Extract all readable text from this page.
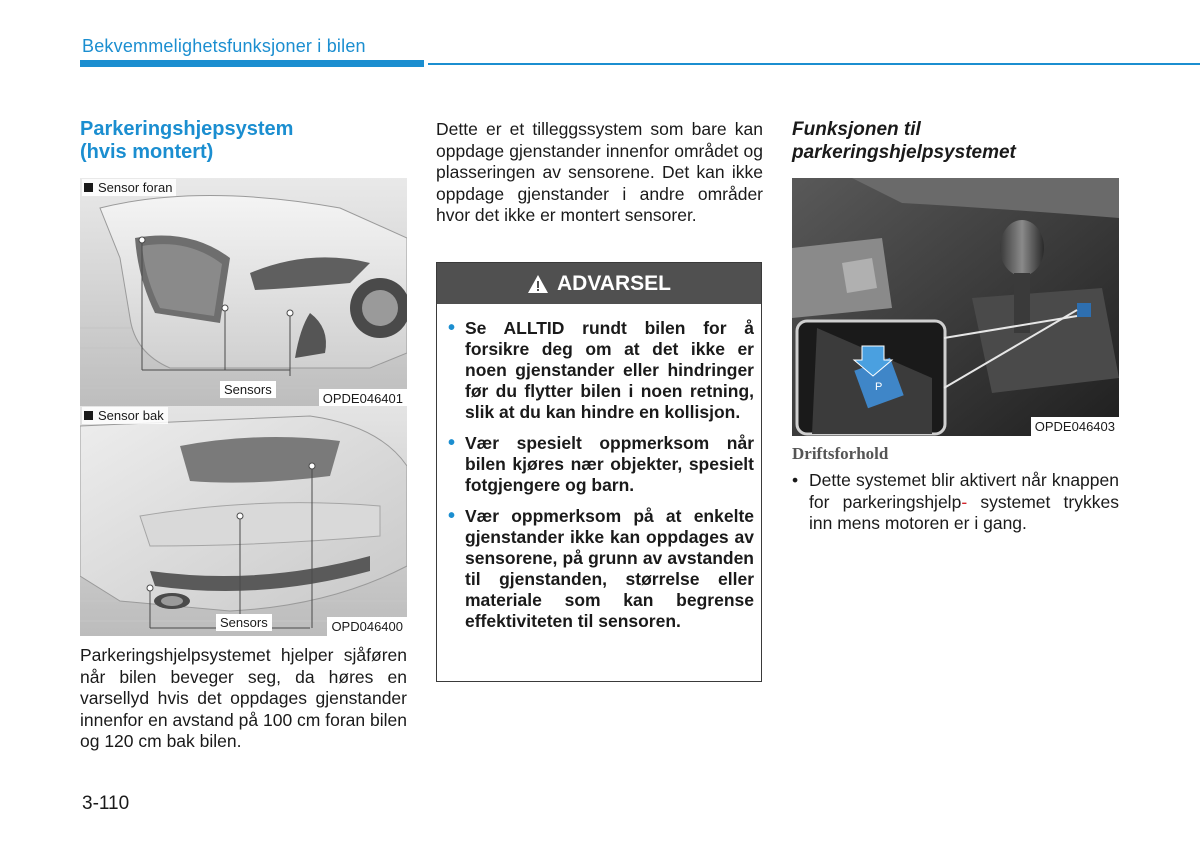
Bekvemmelighetsfunksjoner i bilen
Parkeringshjepsystem
(hvis montert)
Sensor foran
Sensors
OPDE046401
Sensor bak
Sensors	OPD046400
Parkeringshjelpsystemet hjelper sjåføren når bilen beveger seg, da høres en varsellyd hvis det oppdages gjenstander innenfor en avstand på 100 cm foran bilen og 120 cm bak bilen.
Dette er et tilleggssystem som bare kan oppdage gjenstander innenfor området og plasseringen av sensorene. Det kan ikke oppdage gjenstander i andre områder hvor det ikke er montert sensorer.
ADVARSEL
• Se ALLTID rundt bilen for å forsikre deg om at det ikke er noen gjenstander eller hindringer før du flytter bilen i noen retning, slik at du kan hindre en kollisjon.
• Vær spesielt oppmerksom når bilen kjøres nær objekter, spesielt fotgjengere og barn.
• Vær oppmerksom på at enkelte gjenstander ikke kan oppdages av sensorene, på grunn av avstanden til gjenstanden, størrelse eller materiale som kan begrense effektiviteten til sensoren.
Funksjonen til
parkeringshjelpsystemet
P
OPDE046403
Driftsforhold
• Dette systemet blir aktivert når knappen for parkeringshjelp- systemet trykkes inn mens motoren er i gang.
3-110
